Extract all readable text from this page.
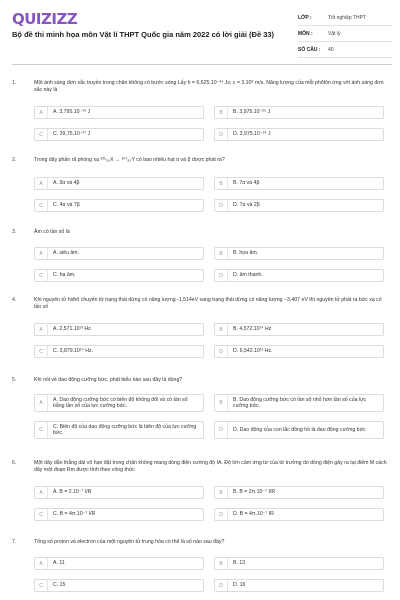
QUIZIZZ
Bộ đề thi minh họa môn Vật lí THPT Quốc gia năm 2022 có lời giải (Đề 33)
LỚP :	Tốt nghiệp THPT
MÔN :	Vật lý
SỐ CÂU :	40
1.	Một ánh sáng đơn sắc truyền trong chân không có bước sóng Lấy h = 6,625.10⁻³⁴ Js; c = 3.10⁸ m/s. Năng lượng của mỗi phôtôn ứng với ánh sáng đơn sắc này là
A	A. 3,795.10⁻¹⁹ J	B	B. 3,975.10⁻²⁵ J
C	C. 39,75.10⁻²⁷ J	D	D. 3,975.10⁻¹⁹ J
2.	Trong dãy phân rã phóng xạ ²³⁵₉₂X → ²⁰⁷₈₂Y có bao nhiêu hạt α và β được phát ra?
A	A. 3α và 4β	B	B. 7α và 4β
C	C. 4α và 7β	D	D. 7α và 2β
3.	Âm có tần số là
A	A. siêu âm.	B	B. họa âm.
C	C. hạ âm.	D	D. âm thanh.
4.	Khi nguyên tử hiđrô chuyển từ trạng thái dừng có năng lượng -1,514eV sang trạng thái dừng có năng lượng −3,407 eV thì nguyên tử phát ra bức xạ có tần số
A	A. 2,571.10¹³ Hz.	B	B. 4,572.10¹⁴ Hz.
C	C. 3,879.10¹⁴ Hz.	D	D. 6,542.10¹² Hz.
5.	Khi nói về dao động cưỡng bức, phát biểu nào sau đây là đúng?
A
A. Dao động cưỡng bức có biên độ không đổi và có tần số bằng tần số của lực cưỡng bức.	B
B. Dao động cưỡng bức có tần số nhỏ hơn tần số của lực cưỡng bức.
C
C. Biên độ của dao động cưỡng bức là biên độ của lực cưỡng bức.	D	D. Dao động của con lắc đồng hồ là dao động cưỡng bức
6.	Một dây dẫn thẳng dài vô hạn đặt trong chân không mang dòng điện cường độ IA. Độ lớn cảm ứng từ của từ trường do dòng điện gây ra tại điểm M cách dây một đoạn Rm được tính theo công thức
A	A. B = 2.10⁻⁷ I/R	B	B. B = 2π.10⁻⁷ I/R
C	C. B = 4π.10⁻⁷ I/R	D	D. B = 4π.10⁻⁷ IR
7.	Tổng số proton và electron của một nguyên tử trung hòa có thể là số nào sau đây?
A	A. 11	B	B. 13
C	C. 15	D	D. 16
